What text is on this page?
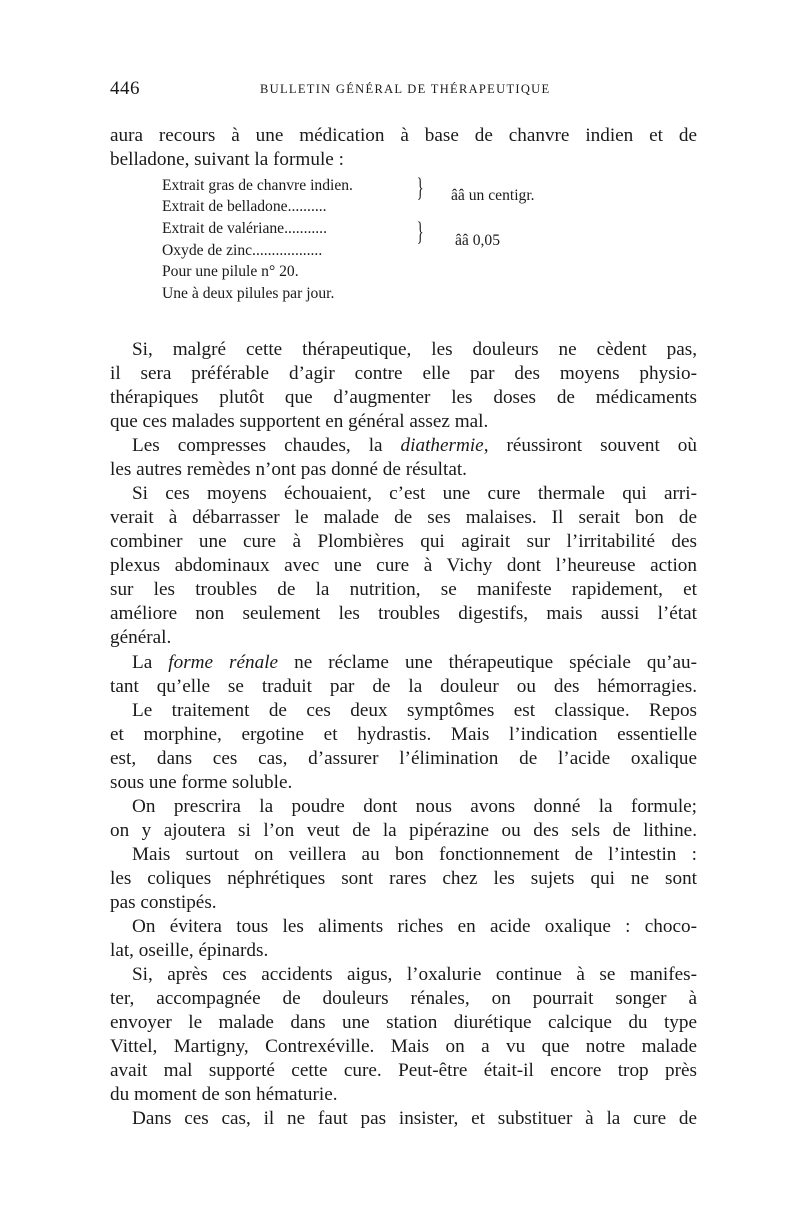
446	BULLETIN GÉNÉRAL DE THÉRAPEUTIQUE
aura recours à une médication à base de chanvre indien et de
belladone, suivant la formule :
Extrait gras de chanvre indien.
Extrait de belladone..........
Extrait de valériane...........
Oxyde de zinc..................
Pour une pilule n° 20.
Une à deux pilules par jour.
} ââ un centigr.
} ââ 0,05
Si, malgré cette thérapeutique, les douleurs ne cèdent pas,
il sera préférable d’agir contre elle par des moyens physio-
thérapiques plutôt que d’augmenter les doses de médicaments
que ces malades supportent en général assez mal.
Les compresses chaudes, la diathermie, réussiront souvent où
les autres remèdes n’ont pas donné de résultat.
Si ces moyens échouaient, c’est une cure thermale qui arri-
verait à débarrasser le malade de ses malaises. Il serait bon de
combiner une cure à Plombières qui agirait sur l’irritabilité des
plexus abdominaux avec une cure à Vichy dont l’heureuse action
sur les troubles de la nutrition, se manifeste rapidement, et
améliore non seulement les troubles digestifs, mais aussi l’état
général.
La forme rénale ne réclame une thérapeutique spéciale qu’au-
tant qu’elle se traduit par de la douleur ou des hémorragies.
Le traitement de ces deux symptômes est classique. Repos
et morphine, ergotine et hydrastis. Mais l’indication essentielle
est, dans ces cas, d’assurer l’élimination de l’acide oxalique
sous une forme soluble.
On prescrira la poudre dont nous avons donné la formule;
on y ajoutera si l’on veut de la pipérazine ou des sels de lithine.
Mais surtout on veillera au bon fonctionnement de l’intestin :
les coliques néphrétiques sont rares chez les sujets qui ne sont
pas constipés.
On évitera tous les aliments riches en acide oxalique : choco-
lat, oseille, épinards.
Si, après ces accidents aigus, l’oxalurie continue à se manifes-
ter, accompagnée de douleurs rénales, on pourrait songer à
envoyer le malade dans une station diurétique calcique du type
Vittel, Martigny, Contrexéville. Mais on a vu que notre malade
avait mal supporté cette cure. Peut-être était-il encore trop près
du moment de son hématurie.
Dans ces cas, il ne faut pas insister, et substituer à la cure de
